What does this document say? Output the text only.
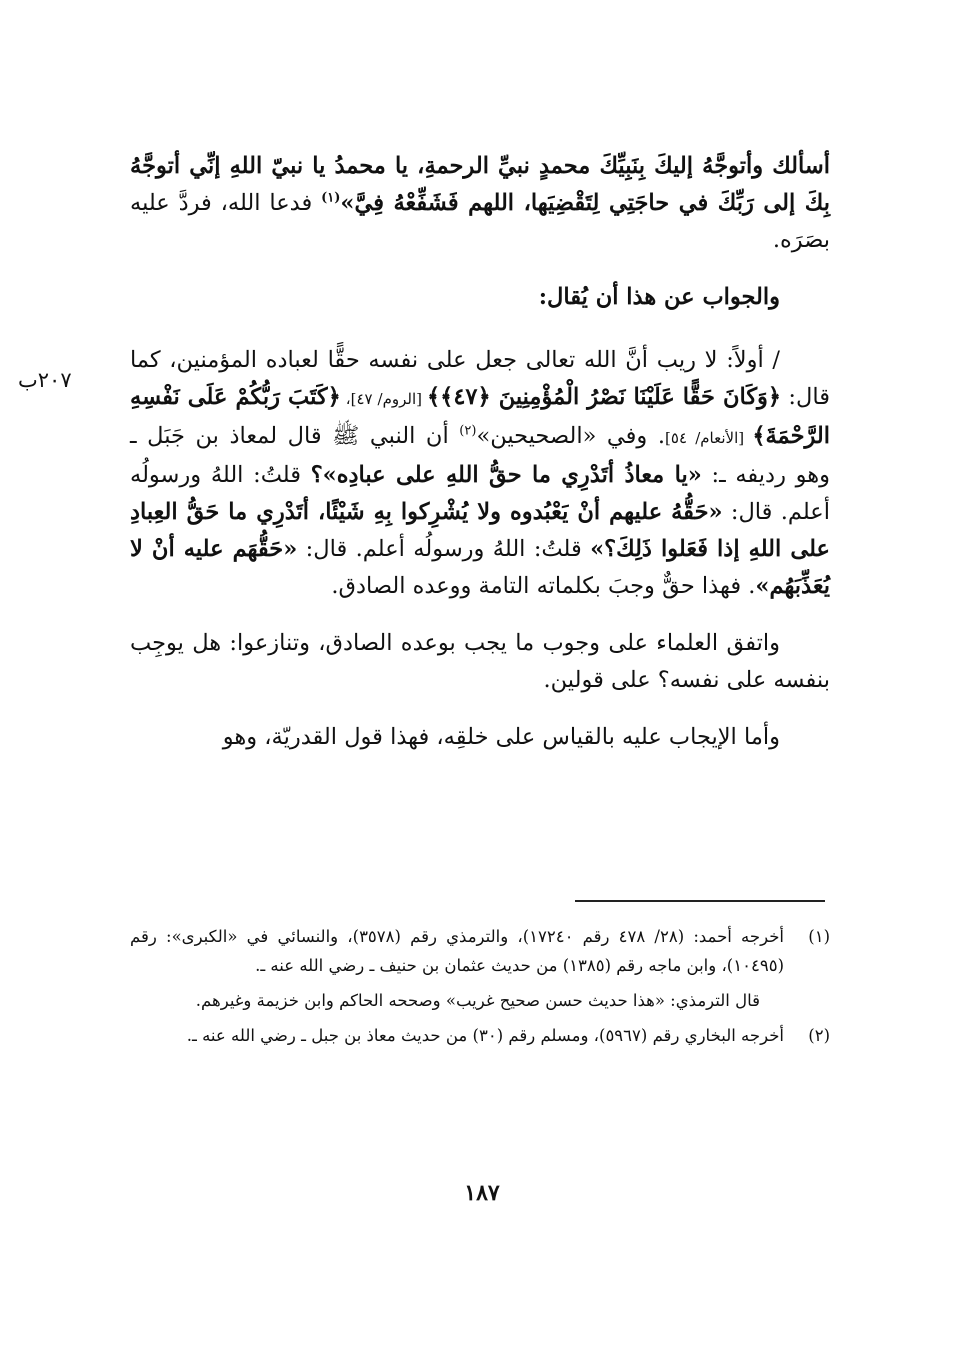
٢٠٧ب

أسألك وأتوجَّهُ إليكَ بِنَبِيِّكَ محمدٍ نبيِّ الرحمةِ، يا محمدُ يا نبيّ اللهِ إنِّي أتوجَّهُ بِكَ إلى رَبِّكَ في حاجَتِي لِتَقْضِيَها، اللهم فَشَفِّعْهُ فِيَّ»$^{(١)}$ فدعا الله، فردَّ عليه بصَرَه.

والجواب عن هذا أن يُقال:

/ أولاً: لا ريب أنَّ الله تعالى جعل على نفسه حقًّا لعباده المؤمنين، كما قال: ﴿وَكَانَ حَقًّا عَلَيْنَا نَصْرُ الْمُؤْمِنِينَ ﴿٤٧﴾﴾ [الروم/ ٤٧]، ﴿كَتَبَ رَبُّكُمْ عَلَى نَفْسِهِ الرَّحْمَةَ﴾ [الأنعام/ ٥٤]. وفي «الصحيحين»$^{(٢)}$ أن النبي ﷺ قال لمعاذ بن جَبَل ـ وهو رديفه ـ: «يا معاذُ أتَدْرِي ما حقُّ اللهِ على عبادِه»؟ قلتُ: اللهُ ورسولُه أعلم. قال: «حَقُّهُ عليهم أنْ يَعْبُدوه ولا يُشْرِكوا بِهِ شَيْئًا، أتَدْرِي ما حَقُّ العِبادِ على اللهِ إذا فَعَلوا ذَلِكَ؟» قلتُ: اللهُ ورسولُه أعلم. قال: «حَقُّهَم عليه أنْ لا يُعَذِّبَهُم». فهذا حقٌّ وجبَ بكلماته التامة ووعده الصادق.

واتفق العلماء على وجوب ما يجب بوعده الصادق، وتنازعوا: هل يوجِب بنفسه على نفسه؟ على قولين.

وأما الإيجاب عليه بالقياس على خلقِه، فهذا قول القدريّة، وهو

(١)
أخرجه أحمد: (٢٨/ ٤٧٨ رقم ١٧٢٤٠)، والترمذي رقم (٣٥٧٨)، والنسائي في «الكبرى»: رقم (١٠٤٩٥)، وابن ماجه رقم (١٣٨٥) من حديث عثمان بن حنيف ـ رضي الله عنه ـ.
قال الترمذي: «هذا حديث حسن صحيح غريب» وصححه الحاكم وابن خزيمة وغيرهم.
(٢)
أخرجه البخاري رقم (٥٩٦٧)، ومسلم رقم (٣٠) من حديث معاذ بن جبل ـ رضي الله عنه ـ.
١٨٧
